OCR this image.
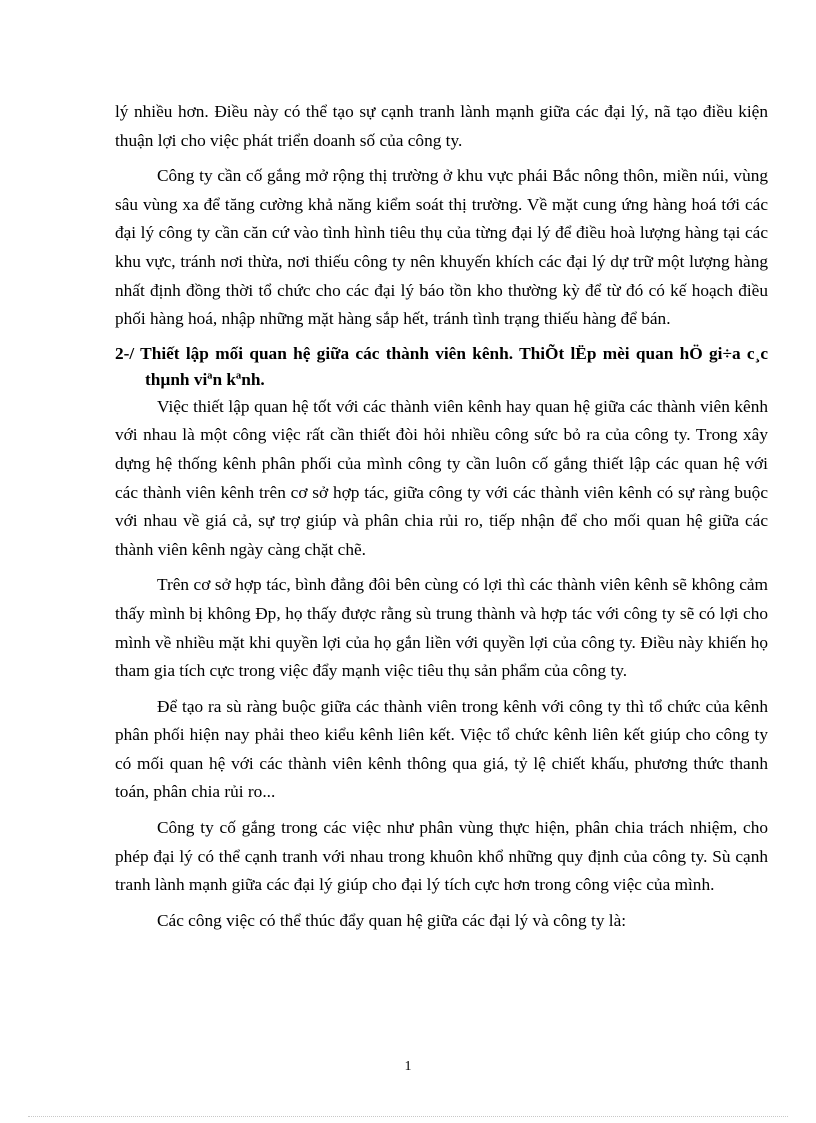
lý nhiều hơn. Điều này có thể tạo sự cạnh tranh lành mạnh giữa các đại lý, nã tạo điều kiện thuận lợi cho việc phát triển doanh số của công ty.

Công ty cần cố gắng mở rộng thị trường ở khu vực phái Bắc nông thôn, miền núi, vùng sâu vùng xa để tăng cường khả năng kiểm soát thị trường. Về mặt cung ứng hàng hoá tới các đại lý công ty cần căn cứ vào tình hình tiêu thụ của từng đại lý để điều hoà lượng hàng tại các khu vực, tránh nơi thừa, nơi thiếu công ty nên khuyến khích các đại lý dự trữ một lượng hàng nhất định đồng thời tổ chức cho các đại lý báo tồn kho thường kỳ để từ đó có kế hoạch điều phối hàng hoá, nhập những mặt hàng sắp hết, tránh tình trạng thiếu hàng để bán.

2-/ Thiết lập mối quan hệ giữa các thành viên kênh. ThiÕt lËp mèi quan hÖ gi÷a c¸c thµnh viªn kªnh.

Việc thiết lập quan hệ tốt với các thành viên kênh hay quan hệ giữa các thành viên kênh với nhau là một công việc rất cần thiết đòi hỏi nhiều công sức bỏ ra của công ty. Trong xây dựng hệ thống kênh phân phối của mình công ty cần luôn cố gắng thiết lập các quan hệ với các thành viên kênh trên cơ sở hợp tác, giữa công ty với các thành viên kênh có sự ràng buộc với nhau về giá cả, sự trợ giúp và phân chia rủi ro, tiếp nhận để cho mối quan hệ giữa các thành viên kênh ngày càng chặt chẽ.

Trên cơ sở hợp tác, bình đẳng đôi bên cùng có lợi thì các thành viên kênh sẽ không cảm thấy mình bị không Ðp, họ thấy được rằng sù trung thành và hợp tác với công ty sẽ có lợi cho mình về nhiều mặt khi quyền lợi của họ gắn liền với quyền lợi của công ty. Điều này khiến họ tham gia tích cực trong việc đẩy mạnh việc tiêu thụ sản phẩm của công ty.

Để tạo ra sù ràng buộc giữa các thành viên trong kênh với công ty thì tổ chức của kênh phân phối hiện nay phải theo kiểu kênh liên kết. Việc tổ chức kênh liên kết giúp cho công ty có mối quan hệ với các thành viên kênh thông qua giá, tỷ lệ chiết khấu, phương thức thanh toán, phân chia rủi ro...

Công ty cố gắng trong các việc như phân vùng thực hiện, phân chia trách nhiệm, cho phép đại lý có thể cạnh tranh với nhau trong khuôn khổ những quy định của công ty. Sù cạnh tranh lành mạnh giữa các đại lý giúp cho đại lý tích cực hơn trong công việc của mình.

Các công việc có thể thúc đẩy quan hệ giữa các đại lý và công ty là:

1
